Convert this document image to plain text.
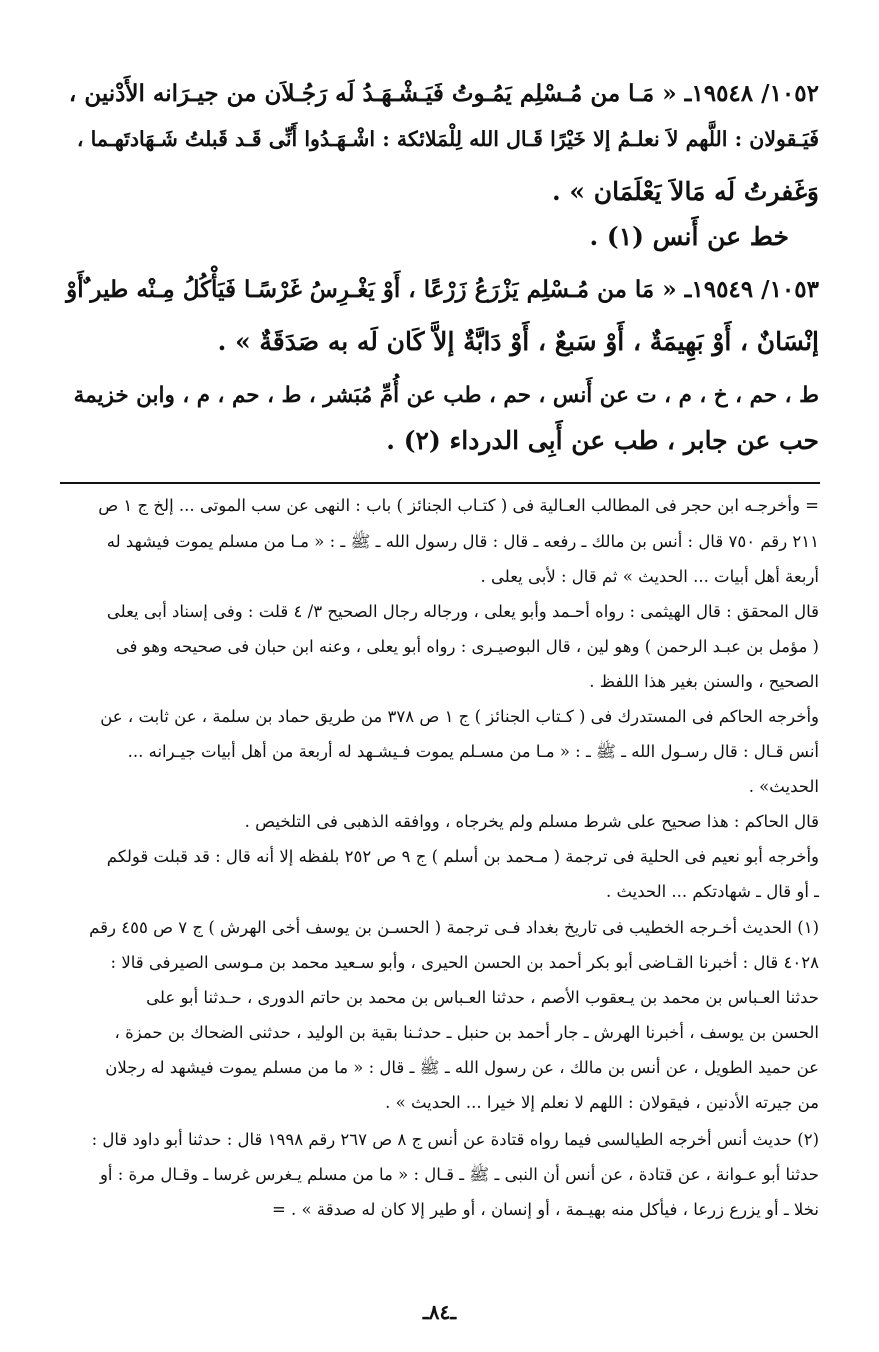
١٠٥٢/ ١٩٥٤٨ـ « مَـا من مُـسْلِم يَمُـوتُ فَيَـشْـهَـدُ لَه رَجُـلاَن من جيـرَانه الأَدْنين ،
فَيَـقولان : اللَّهم لاَ نعلـمُ إلا خَيْرًا قَـال الله لِلْمَلائكة : اشْـهَـدُوا أَنِّى قَـد قَبلتُ شَـهَادتَهـما ،
وَغَفرتُ لَه مَالاَ يَعْلَمَان » .
خط عن أَنس (١) .
١٠٥٣/ ١٩٥٤٩ـ « مَا من مُـسْلِم يَزْرَعُ زَرْعًا ، أَوْ يَغْـرِسُ غَرْسًـا فَيَأْكُلُ مِـنْه طير ٌأَوْ
إنْسَانٌ ، أَوْ بَهِيمَةٌ ، أَوْ سَبعٌ ، أَوْ دَابَّةٌ إلاَّ كَان لَه به صَدَقَةٌ » .
ط ، حم ، خ ، م ، ت عن أَنس ، حم ، طب عن أُمِّ مُبَشر ، ط ، حم ، م ، وابن خزيمة
حب عن جابر ، طب عن أَبِى الدرداء (٢) .
= وأخرجـه ابن حجر فى المطالب العـالية فى ( كتـاب الجنائز ) باب : النهى عن سب الموتى ... إلخ ج ١ ص
٢١١ رقم ٧٥٠ قال : أنس بن مالك ـ رفعه ـ قال : قال رسول الله ـ ﷺ ـ : « مـا من مسلم يموت فيشهد له
أربعة أهل أبيات ... الحديث » ثم قال : لأبى يعلى .
قال المحقق : قال الهيثمى : رواه أحـمد وأبو يعلى ، ورجاله رجال الصحيح ٣/ ٤ قلت : وفى إسناد أبى يعلى
( مؤمل بن عبـد الرحمن ) وهو لين ، قال البوصيـرى : رواه أبو يعلى ، وعنه ابن حبان فى صحيحه وهو فى
الصحيح ، والسنن بغير هذا اللفظ .
وأخرجه الحاكم فى المستدرك فى ( كـتاب الجنائز ) ج ١ ص ٣٧٨ من طريق حماد بن سلمة ، عن ثابت ، عن
أنس قـال : قال رسـول الله ـ ﷺ ـ : « مـا من مسـلم يموت فـيشـهد له أربعة من أهل أبيات جيـرانه ...
الحديث» .
قال الحاكم : هذا صحيح على شرط مسلم ولم يخرجاه ، ووافقه الذهبى فى التلخيص .
وأخرجه أبو نعيم فى الحلية فى ترجمة ( مـحمد بن أسلم ) ج ٩ ص ٢٥٢ بلفظه إلا أنه قال : قد قبلت قولكم
ـ أو قال ـ شهادتكم ... الحديث .
(١) الحديث أخـرجه الخطيب فى تاريخ بغداد فـى ترجمة ( الحسـن بن يوسف أخى الهرش ) ج ٧ ص ٤٥٥ رقم
٤٠٢٨ قال : أخبرنا القـاضى أبو بكر أحمد بن الحسن الحيرى ، وأبو سـعيد محمد بن مـوسى الصيرفى قالا :
حدثنا العـباس بن محمد بن يـعقوب الأصم ، حدثنا العـباس بن محمد بن حاتم الدورى ، حـدثنا أبو على
الحسن بن يوسف ، أخبرنا الهرش ـ جار أحمد بن حنبل ـ حدثـنا بقية بن الوليد ، حدثنى الضحاك بن حمزة ،
عن حميد الطويل ، عن أنس بن مالك ، عن رسول الله ـ ﷺ ـ قال : « ما من مسلم يموت فيشهد له رجلان
من جيرته الأدنين ، فيقولان : اللهم لا نعلم إلا خيرا ... الحديث » .
(٢) حديث أنس أخرجه الطيالسى فيما رواه قتادة عن أنس ج ٨ ص ٢٦٧ رقم ١٩٩٨ قال : حدثنا أبو داود قال :
حدثنا أبو عـوانة ، عن قتادة ، عن أنس أن النبى ـ ﷺ ـ قـال : « ما من مسلم يـغرس غرسا ـ وقـال مرة : أو
نخلا ـ أو يزرع زرعا ، فيأكل منه بهيـمة ، أو إنسان ، أو طير إلا كان له صدقة » . =
ـ٨٤ـ
